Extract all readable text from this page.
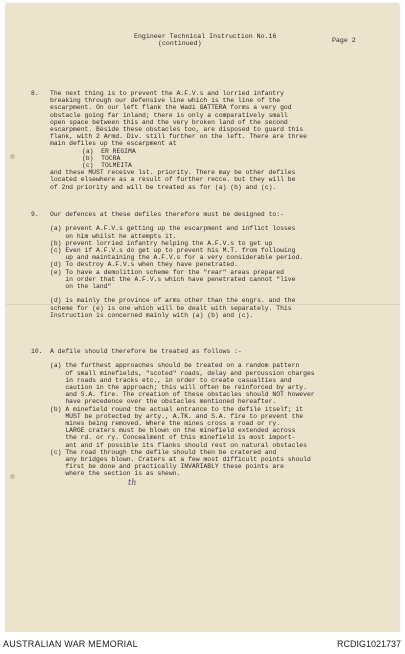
Engineer Technical Instruction No.16
(continued)	Page 2
8. The next thing is to prevent the A.F.V.s and lorried infantry
breaking through our defensive line which is the line of the
escarpment. On our left flank the Wadi GATTERA forms a very god
obstacle going far inland; there is only a comparatively small
open space between this and the very broken land of the second
escarpment. Beside these obstacles too, are disposed to guard this
flank, with 2 Armd. Div. still further on the left. There are three
main defiles up the escarpment at
(a)  ER REGIMA
(b)  TOCRA
(c)  TOLMEITA
and these MUST receive lst. priority. There may be other defiles
located elsewhere as a result of further recce. but they will be
of 2nd priority and will be treated as for (a) (b) and (c).
9. Our defences at these defiles therefore must be designed to:-
(a) prevent A.F.V.s getting up the escarpment and inflict losses
on him whilst he attempts it.
(b) prevent lorried infantry helping the A.F.V.s to get up
(c) Even if A.F.V.s do get up to prevent his M.T. from following
up and maintaining the A.F.V.s for a very considerable period.
(d) To destroy A.F.V.s when they have penetrated.
(e) To have a demolition scheme for the "rear" areas prepared
in order that the A.F.V.s which have penetrated cannot "live
on the land"
(d) is mainly the province of arms other than the engrs. and the
scheme for (e) is one which will be dealt with separately. This
Instruction is concerned mainly with (a) (b) and (c).
10. A defile should therefore be treated as follows :-
(a) the furthest approaches should be treated on a random pattern
of small minefields, "scoted" roads, delay and percussion charges
in roads and tracks etc., in order to create casualties and
caution in the approach; this will often be reinforced by arty.
and S.A. fire. The creation of these obstacles should NOT however
have precedence over the obstacles mentioned hereafter.
(b) A minefield round the actual entrance to the defile itself; it
MUST be protected by arty., A.TK. and S.A. fire to prevent the
mines being removed. Where the mines cross a road or ry.
LARGE craters must be blown on the minefield extended across
the rd. or ry. Concealment of this minefield is most import-
ant and if possible its flanks should rest on natural obstacles
(c) The road through the defile should then be cratered and
any bridges blown. Craters at a few most difficult points should
first be done and practically INVARIABLY these points are
where the section is as shewn.
th
AUSTRALIAN WAR MEMORIAL	RCDIG1021737
